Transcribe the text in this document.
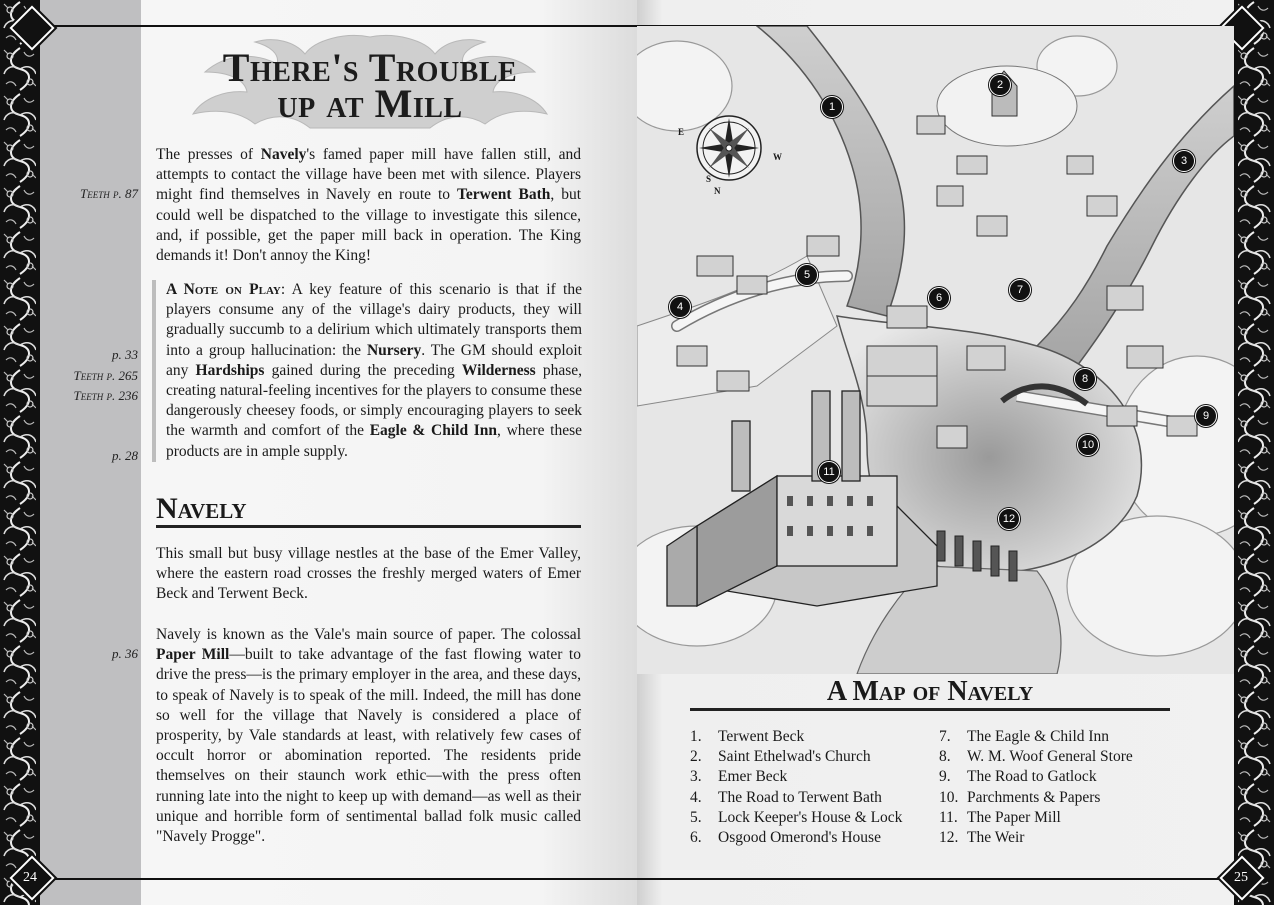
24	25
There's Trouble
up at Mill
The presses of Navely's famed paper mill have fallen still, and attempts to contact the village have been met with silence. Players might find themselves in Navely en route to Terwent Bath, but could well be dispatched to the village to investigate this silence, and, if possible, get the paper mill back in operation. The King demands it! Don't annoy the King!
A Note on Play: A key feature of this scenario is that if the players consume any of the village's dairy products, they will gradually succumb to a delirium which ultimately transports them into a group hallucination: the Nursery. The GM should exploit any Hardships gained during the preceding Wilderness phase, creating natural-feeling incentives for the players to consume these dangerously cheesey foods, or simply encouraging players to seek the warmth and comfort of the Eagle & Child Inn, where these products are in ample supply.
Teeth p. 87
p. 33
Teeth p. 265
Teeth p. 236
p. 28
p. 36
Navely
This small but busy village nestles at the base of the Emer Valley, where the eastern road crosses the freshly merged waters of Emer Beck and Terwent Beck.
Navely is known as the Vale's main source of paper. The colossal Paper Mill—built to take advantage of the fast flowing water to drive the press—is the primary employer in the area, and these days, to speak of Navely is to speak of the mill. Indeed, the mill has done so well for the village that Navely is considered a place of prosperity, by Vale standards at least, with relatively few cases of occult horror or abomination reported. The residents pride themselves on their staunch work ethic—with the press often running late into the night to keep up with demand—as well as their unique and horrible form of sentimental ballad folk music called "Navely Progge".
E
W
S
N
1
2
3
4
5
6
7
8
9
10
11
12
A Map of Navely
1. Terwent Beck
2. Saint Ethelwad's Church
3. Emer Beck
4. The Road to Terwent Bath
5. Lock Keeper's House & Lock
6. Osgood Omerond's House
7. The Eagle & Child Inn
8. W. M. Woof General Store
9. The Road to Gatlock
10. Parchments & Papers
11. The Paper Mill
12. The Weir
